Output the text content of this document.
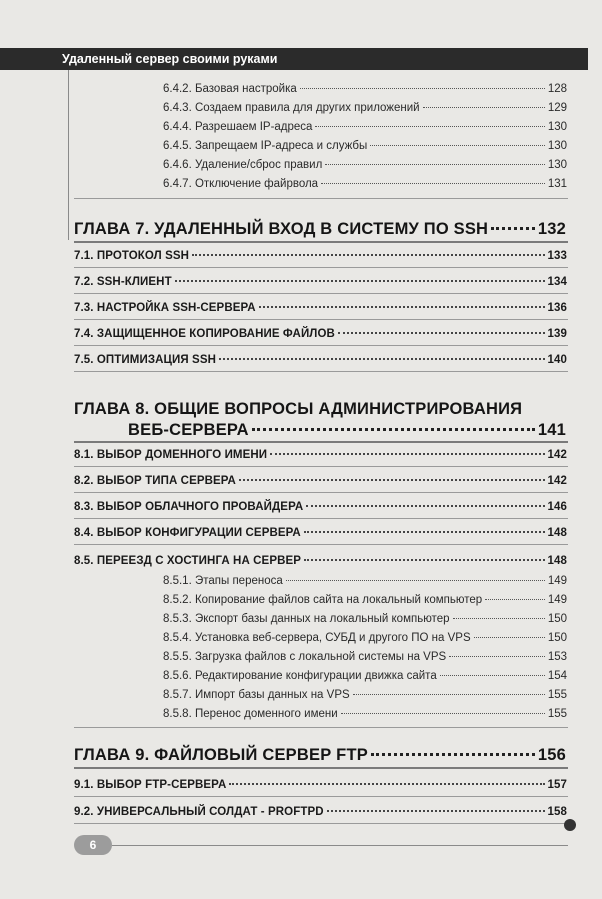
Удаленный сервер своими руками
6.4.2. Базовая настройка	128
6.4.3. Создаем правила для других приложений	129
6.4.4. Разрешаем IP-адреса	130
6.4.5. Запрещаем IP-адреса и службы	130
6.4.6. Удаление/сброс правил	130
6.4.7. Отключение файрвола	131
ГЛАВА 7. УДАЛЕННЫЙ ВХОД В СИСТЕМУ ПО SSH	132
7.1. ПРОТОКОЛ SSH	133
7.2. SSH-КЛИЕНТ	134
7.3. НАСТРОЙКА SSH-СЕРВЕРА	136
7.4. ЗАЩИЩЕННОЕ КОПИРОВАНИЕ ФАЙЛОВ	139
7.5. ОПТИМИЗАЦИЯ SSH	140
ГЛАВА 8. ОБЩИЕ ВОПРОСЫ АДМИНИСТРИРОВАНИЯ
ВЕБ-СЕРВЕРА	141
8.1. ВЫБОР ДОМЕННОГО ИМЕНИ	142
8.2. ВЫБОР ТИПА СЕРВЕРА	142
8.3. ВЫБОР ОБЛАЧНОГО ПРОВАЙДЕРА	146
8.4. ВЫБОР КОНФИГУРАЦИИ СЕРВЕРА	148
8.5. ПЕРЕЕЗД С ХОСТИНГА НА СЕРВЕР	148
8.5.1. Этапы переноса	149
8.5.2. Копирование файлов сайта на локальный компьютер	149
8.5.3. Экспорт базы данных на локальный компьютер	150
8.5.4. Установка веб-сервера, СУБД и другого ПО на VPS	150
8.5.5. Загрузка файлов с локальной системы на VPS	153
8.5.6. Редактирование конфигурации движка сайта	154
8.5.7. Импорт базы данных на VPS	155
8.5.8. Перенос доменного имени	155
ГЛАВА 9. ФАЙЛОВЫЙ СЕРВЕР FTP	156
9.1. ВЫБОР FTP-СЕРВЕРА	157
9.2. УНИВЕРСАЛЬНЫЙ СОЛДАТ - PROFTPD	158
6
